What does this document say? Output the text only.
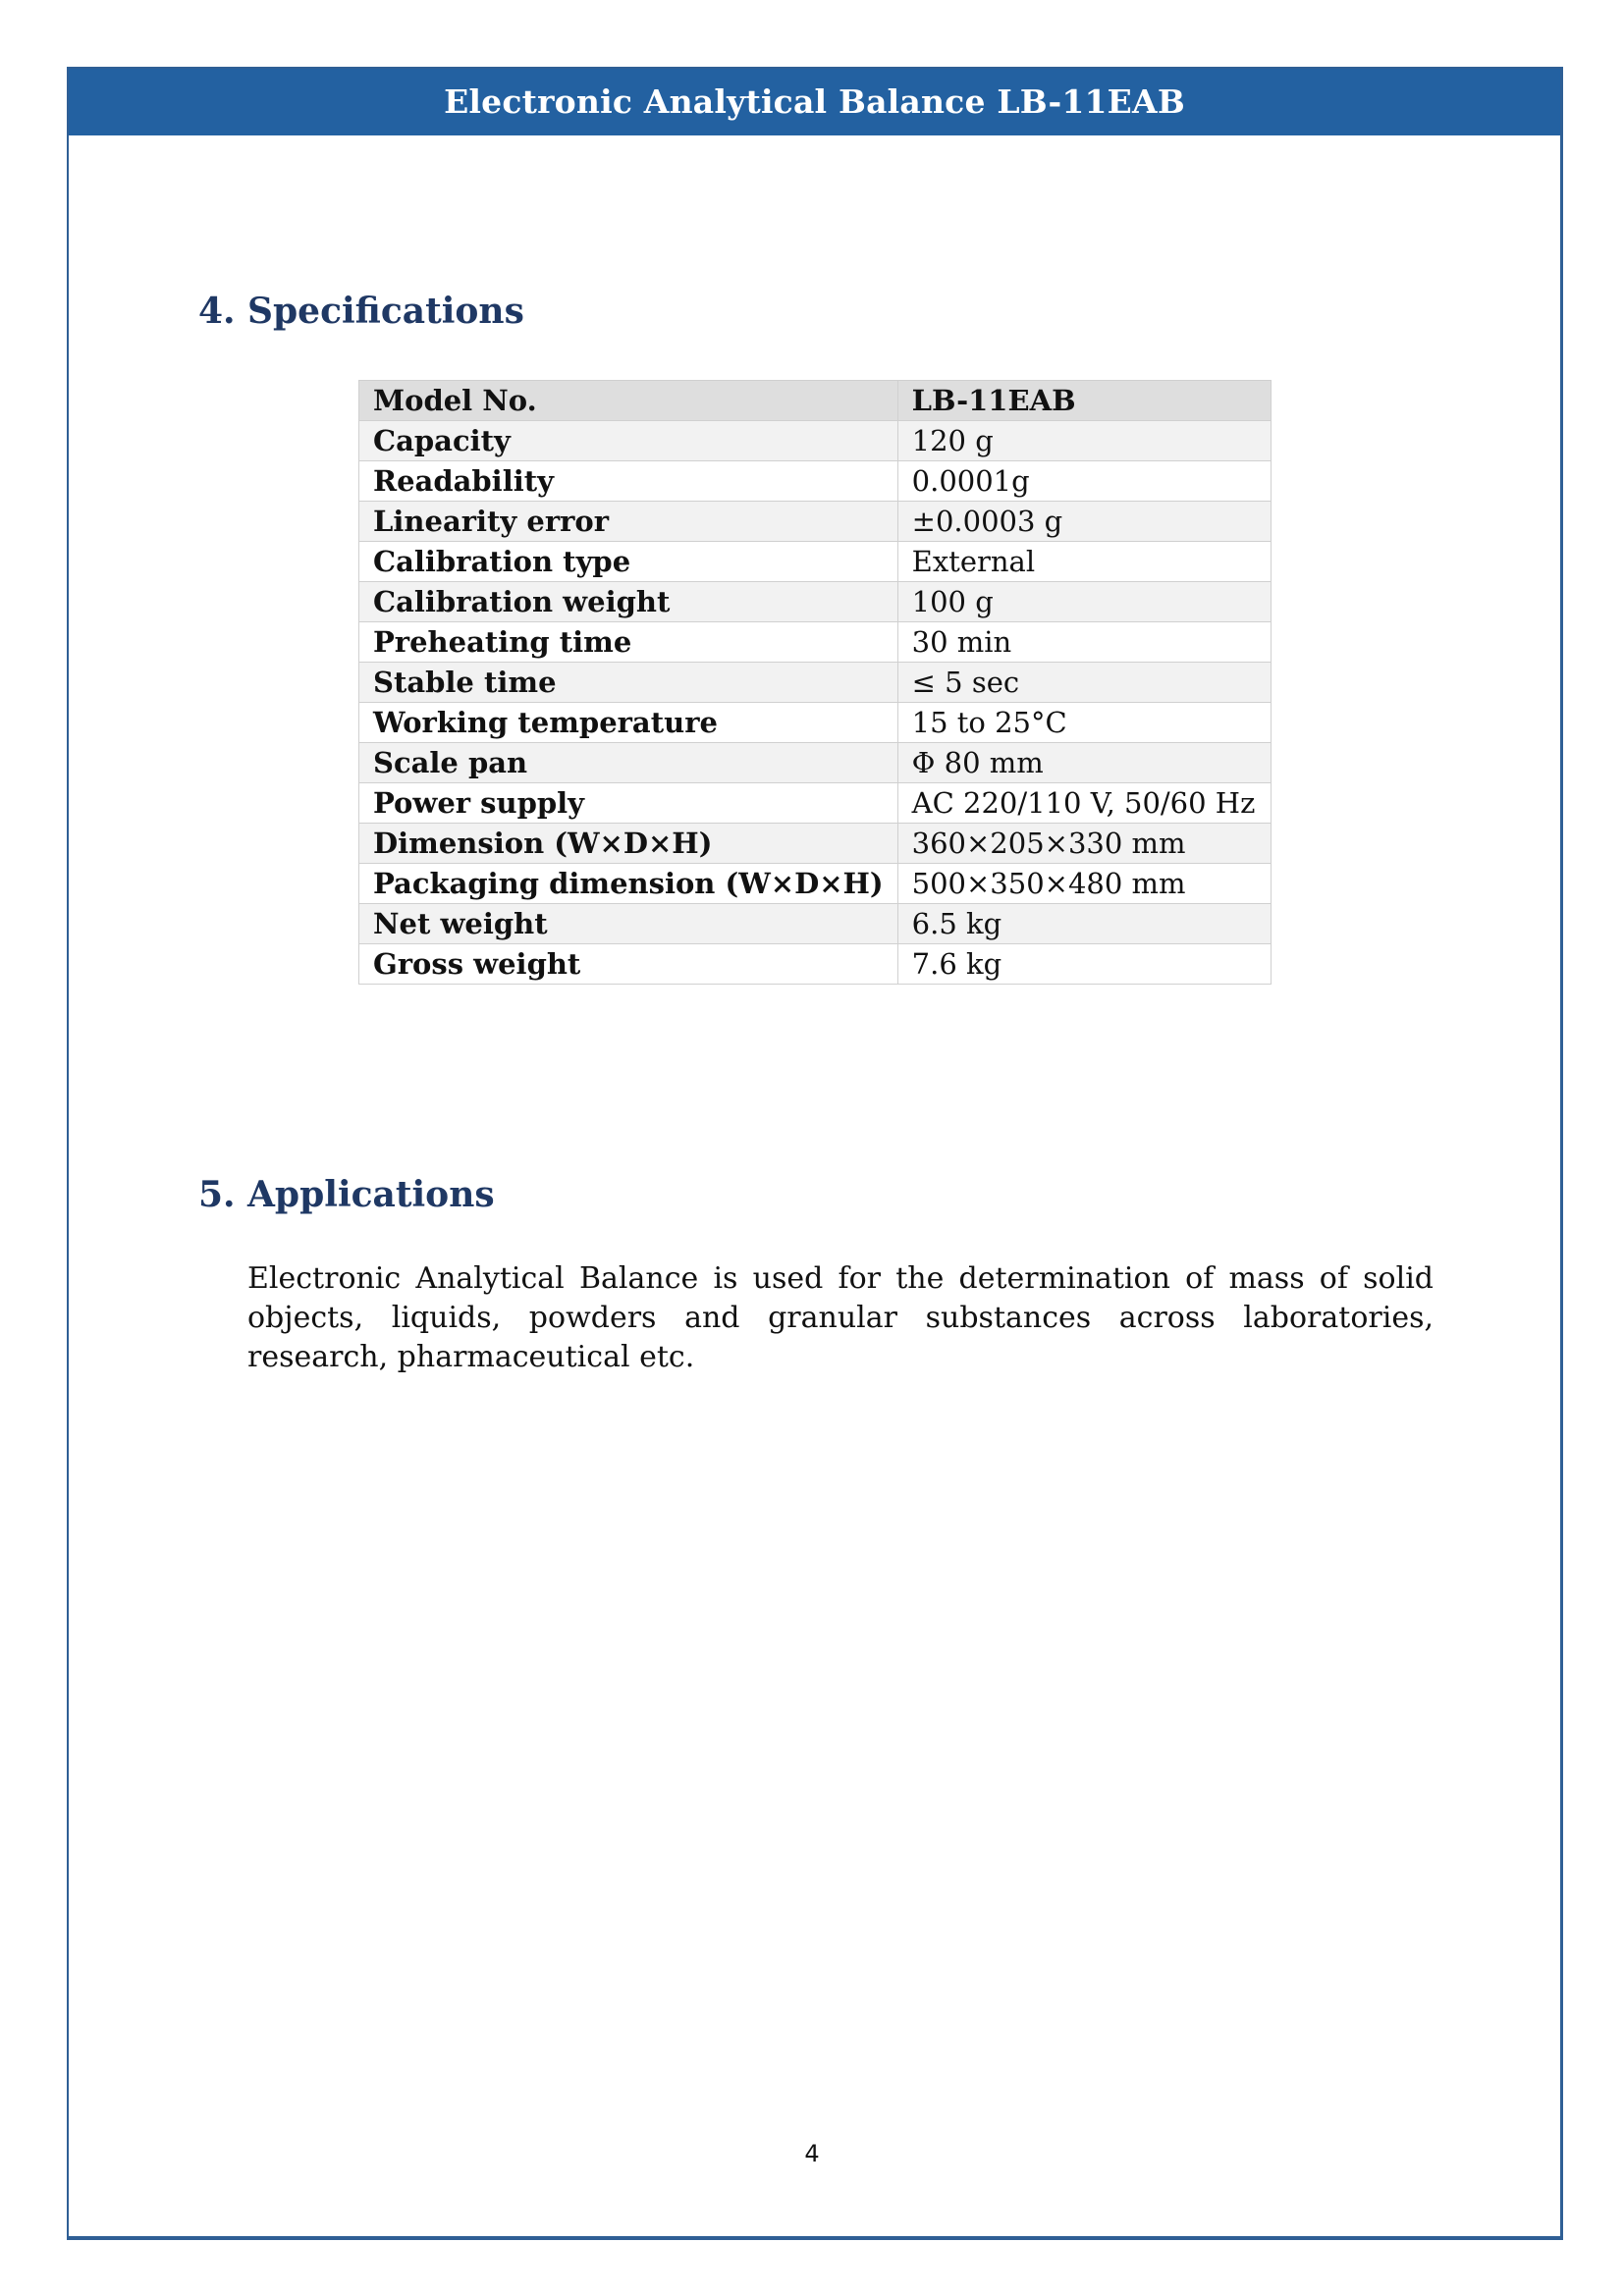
Electronic Analytical Balance LB-11EAB
4. Specifications
Model No.	LB-11EAB
Capacity	120 g
Readability	0.0001g
Linearity error	±0.0003 g
Calibration type	External
Calibration weight	100 g
Preheating time	30 min
Stable time	≤ 5 sec
Working temperature	15 to 25°C
Scale pan	Φ 80 mm
Power supply	AC 220/110 V, 50/60 Hz
Dimension (W×D×H)	360×205×330 mm
Packaging dimension (W×D×H)	500×350×480 mm
Net weight	6.5 kg
Gross weight	7.6 kg
5. Applications
Electronic Analytical Balance is used for the determination of mass of solid objects, liquids, powders and granular substances across laboratories, research, pharmaceutical etc.
4
